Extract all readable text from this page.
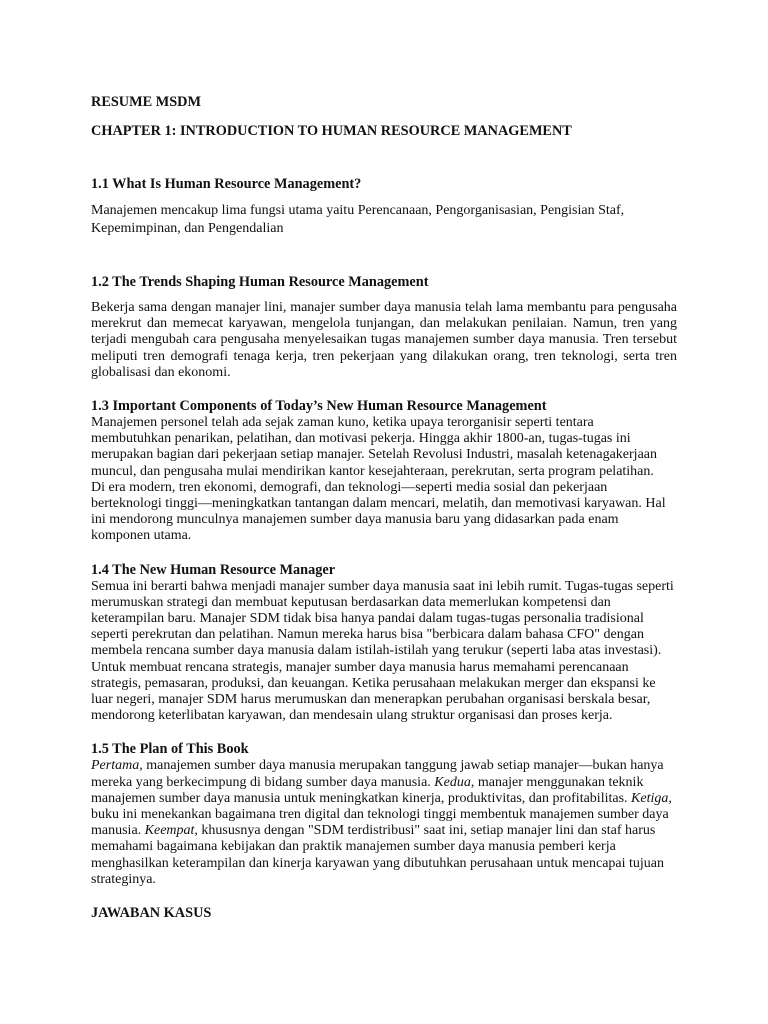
RESUME MSDM
CHAPTER 1: INTRODUCTION TO HUMAN RESOURCE MANAGEMENT
1.1 What Is Human Resource Management?

Manajemen mencakup lima fungsi utama yaitu Perencanaan, Pengorganisasian, Pengisian Staf, Kepemimpinan, dan Pengendalian

1.2 The Trends Shaping Human Resource Management

Bekerja sama dengan manajer lini, manajer sumber daya manusia telah lama membantu para pengusaha merekrut dan memecat karyawan, mengelola tunjangan, dan melakukan penilaian. Namun, tren yang terjadi mengubah cara pengusaha menyelesaikan tugas manajemen sumber daya manusia. Tren tersebut meliputi tren demografi tenaga kerja, tren pekerjaan yang dilakukan orang, tren teknologi, serta tren globalisasi dan ekonomi.

1.3 Important Components of Today’s New Human Resource Management

Manajemen personel telah ada sejak zaman kuno, ketika upaya terorganisir seperti tentara membutuhkan penarikan, pelatihan, dan motivasi pekerja. Hingga akhir 1800-an, tugas-tugas ini merupakan bagian dari pekerjaan setiap manajer. Setelah Revolusi Industri, masalah ketenagakerjaan muncul, dan pengusaha mulai mendirikan kantor kesejahteraan, perekrutan, serta program pelatihan.

Di era modern, tren ekonomi, demografi, dan teknologi—seperti media sosial dan pekerjaan berteknologi tinggi—meningkatkan tantangan dalam mencari, melatih, dan memotivasi karyawan. Hal ini mendorong munculnya manajemen sumber daya manusia baru yang didasarkan pada enam komponen utama.

1.4 The New Human Resource Manager

Semua ini berarti bahwa menjadi manajer sumber daya manusia saat ini lebih rumit. Tugas-tugas seperti merumuskan strategi dan membuat keputusan berdasarkan data memerlukan kompetensi dan keterampilan baru. Manajer SDM tidak bisa hanya pandai dalam tugas-tugas personalia tradisional seperti perekrutan dan pelatihan. Namun mereka harus bisa "berbicara dalam bahasa CFO" dengan membela rencana sumber daya manusia dalam istilah-istilah yang terukur (seperti laba atas investasi).

Untuk membuat rencana strategis, manajer sumber daya manusia harus memahami perencanaan strategis, pemasaran, produksi, dan keuangan. Ketika perusahaan melakukan merger dan ekspansi ke luar negeri, manajer SDM harus merumuskan dan menerapkan perubahan organisasi berskala besar, mendorong keterlibatan karyawan, dan mendesain ulang struktur organisasi dan proses kerja.

1.5 The Plan of This Book

Pertama, manajemen sumber daya manusia merupakan tanggung jawab setiap manajer—bukan hanya mereka yang berkecimpung di bidang sumber daya manusia. Kedua, manajer menggunakan teknik manajemen sumber daya manusia untuk meningkatkan kinerja, produktivitas, dan profitabilitas. Ketiga, buku ini menekankan bagaimana tren digital dan teknologi tinggi membentuk manajemen sumber daya manusia. Keempat, khususnya dengan "SDM terdistribusi" saat ini, setiap manajer lini dan staf harus memahami bagaimana kebijakan dan praktik manajemen sumber daya manusia pemberi kerja menghasilkan keterampilan dan kinerja karyawan yang dibutuhkan perusahaan untuk mencapai tujuan strateginya.

JAWABAN KASUS
